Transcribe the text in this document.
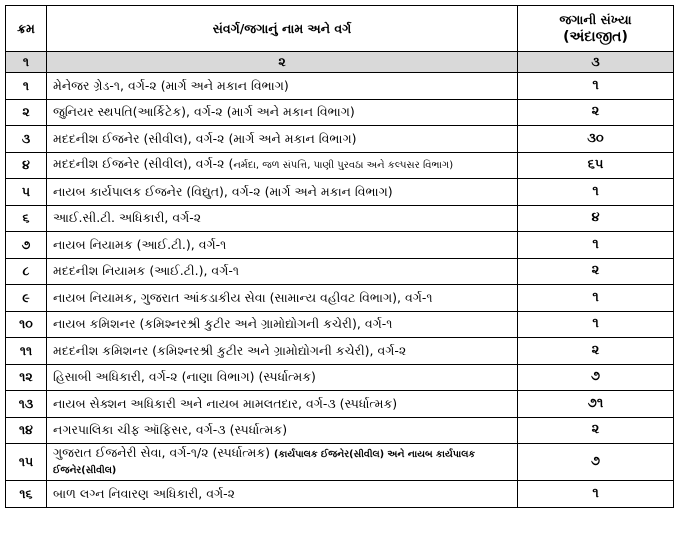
ક્રમ	સંવર્ગ/જગાનું નામ અને વર્ગ	જગાની સંખ્યા
(અંદાજીત)

૧	૨	૩
૧	મેનેજર ગ્રેડ-૧, વર્ગ-૨ (માર્ગ અને મકાન વિભાગ)	૧
૨	જુનિયર સ્થપતિ(આર્કિટેક), વર્ગ-૨ (માર્ગ અને મકાન વિભાગ)	૨
૩	મદદનીશ ઈજનેર (સીવીલ), વર્ગ-૨ (માર્ગ અને મકાન વિભાગ)	૩૦
૪	મદદનીશ ઈજનેર (સીવીલ), વર્ગ-૨ (નર્મદા, જળ સંપત્તિ, પાણી પુરવઠા અને કલ્પસર વિભાગ)	૬૫
૫	નાયબ કાર્યપાલક ઈજનેર (વિદ્યુત), વર્ગ-૨ (માર્ગ અને મકાન વિભાગ)	૧
૬	આઈ.સી.ટી. અધિકારી, વર્ગ-૨	૪
૭	નાયબ નિયામક (આઈ.ટી.), વર્ગ-૧	૧
૮	મદદનીશ નિયામક (આઈ.ટી.), વર્ગ-૧	૨
૯	નાયબ નિયામક, ગુજરાત આંકડાકીય સેવા (સામાન્ય વહીવટ વિભાગ), વર્ગ-૧	૧
૧૦	નાયબ કમિશનર (કમિશ્નરશ્રી કુટીર અને ગ્રામોદ્યોગની કચેરી), વર્ગ-૧	૧
૧૧	મદદનીશ કમિશનર (કમિશ્નરશ્રી કુટીર અને ગ્રામોદ્યોગની કચેરી), વર્ગ-૨	૨
૧૨	હિસાબી અધિકારી, વર્ગ-૨ (નાણા વિભાગ) (સ્પર્ધાત્મક)	૭
૧૩	નાયબ સેક્શન અધિકારી અને નાયબ મામલતદાર, વર્ગ-૩ (સ્પર્ધાત્મક)	૭૧
૧૪	નગરપાલિકા ચીફ ઑફિસર, વર્ગ-૩ (સ્પર્ધાત્મક)	૨
૧૫	ગુજરાત ઈજનેરી સેવા, વર્ગ-૧/૨ (સ્પર્ધાત્મક) (કાર્યપાલક ઈજનેર(સીવીલ) અને નાયબ કાર્યપાલક ઈજનેર(સીવીલ)	૭
૧૬	બાળ લગ્ન નિવારણ અધિકારી, વર્ગ-૨	૧
